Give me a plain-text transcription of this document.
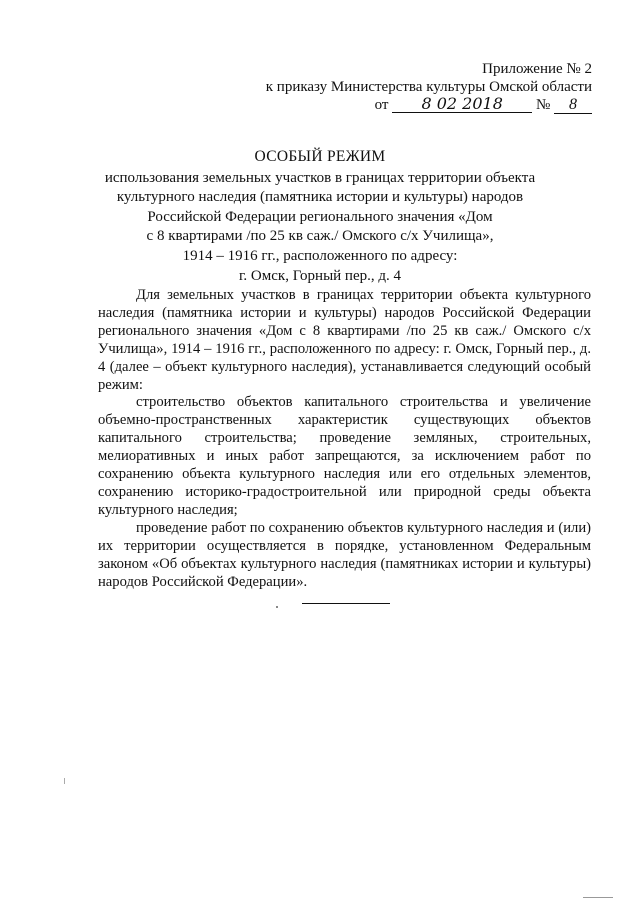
Приложение № 2
к приказу Министерства культуры Омской области
от 8 02 2018 № 8
ОСОБЫЙ РЕЖИМ
использования земельных участков в границах территории объекта
культурного наследия (памятника истории и культуры) народов
Российской Федерации регионального значения «Дом
с 8 квартирами /по 25 кв саж./ Омского с/х Училища»,
1914 – 1916 гг., расположенного по адресу:
г. Омск, Горный пер., д. 4

Для земельных участков в границах территории объекта культурного наследия (памятника истории и культуры) народов Российской Федерации регионального значения «Дом с 8 квартирами /по 25 кв саж./ Омского с/х Училища», 1914 – 1916 гг., расположенного по адресу: г. Омск, Горный пер., д. 4 (далее – объект культурного наследия), устанавливается следующий особый режим:

строительство объектов капитального строительства и увеличение объемно-пространственных характеристик существующих объектов капитального строительства; проведение земляных, строительных, мелиоративных и иных работ запрещаются, за исключением работ по сохранению объекта культурного наследия или его отдельных элементов, сохранению историко-градостроительной или природной среды объекта культурного наследия;

проведение работ по сохранению объектов культурного наследия и (или) их территории осуществляется в порядке, установленном Федеральным законом «Об объектах культурного наследия (памятниках истории и культуры) народов Российской Федерации».
